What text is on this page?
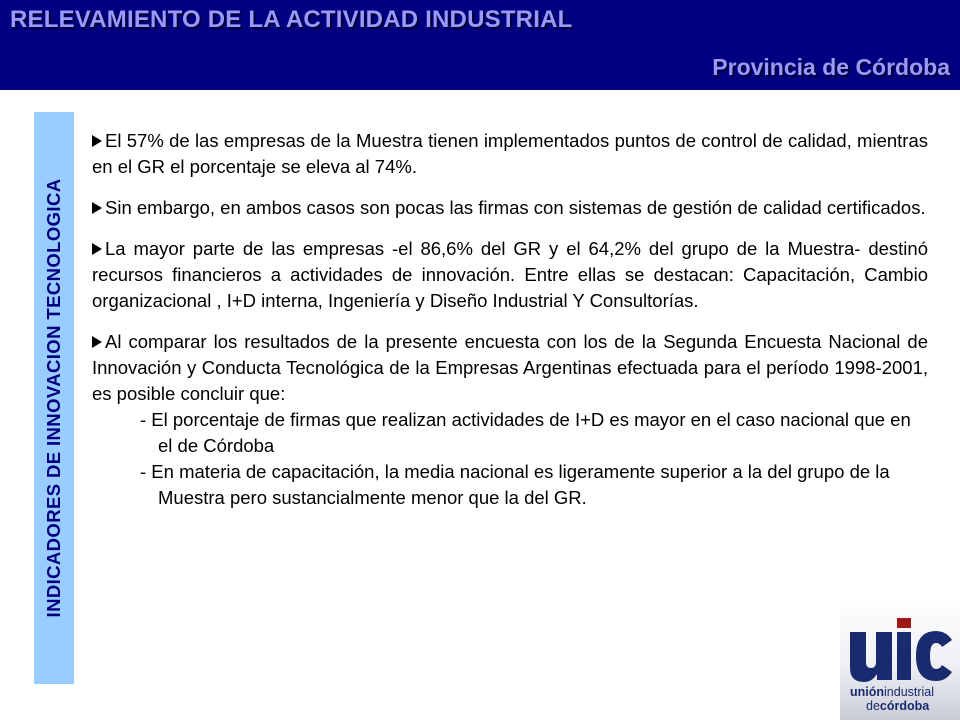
RELEVAMIENTO DE LA ACTIVIDAD INDUSTRIAL
Provincia de Córdoba
INDICADORES DE INNOVACION TECNOLOGICA

El 57% de las empresas de la Muestra tienen implementados puntos de control de calidad, mientras en el GR el porcentaje se eleva al 74%.

Sin embargo, en ambos casos son pocas las firmas con sistemas de gestión de calidad certificados.

La mayor parte de las empresas -el 86,6% del GR y el 64,2% del grupo de la Muestra- destinó recursos financieros a actividades de innovación. Entre ellas se destacan: Capacitación, Cambio organizacional , I+D interna, Ingeniería y Diseño Industrial Y Consultorías.

Al comparar los resultados de la presente encuesta con los de la Segunda Encuesta Nacional de Innovación y Conducta Tecnológica de la Empresas Argentinas efectuada para el período 1998-2001, es posible concluir que:

- El porcentaje de firmas que realizan actividades de I+D es mayor en el caso nacional que en el de Córdoba

- En materia de capacitación, la media nacional es ligeramente superior a la del grupo de la Muestra pero sustancialmente menor que la del GR.

uniónindustrial
decórdoba
